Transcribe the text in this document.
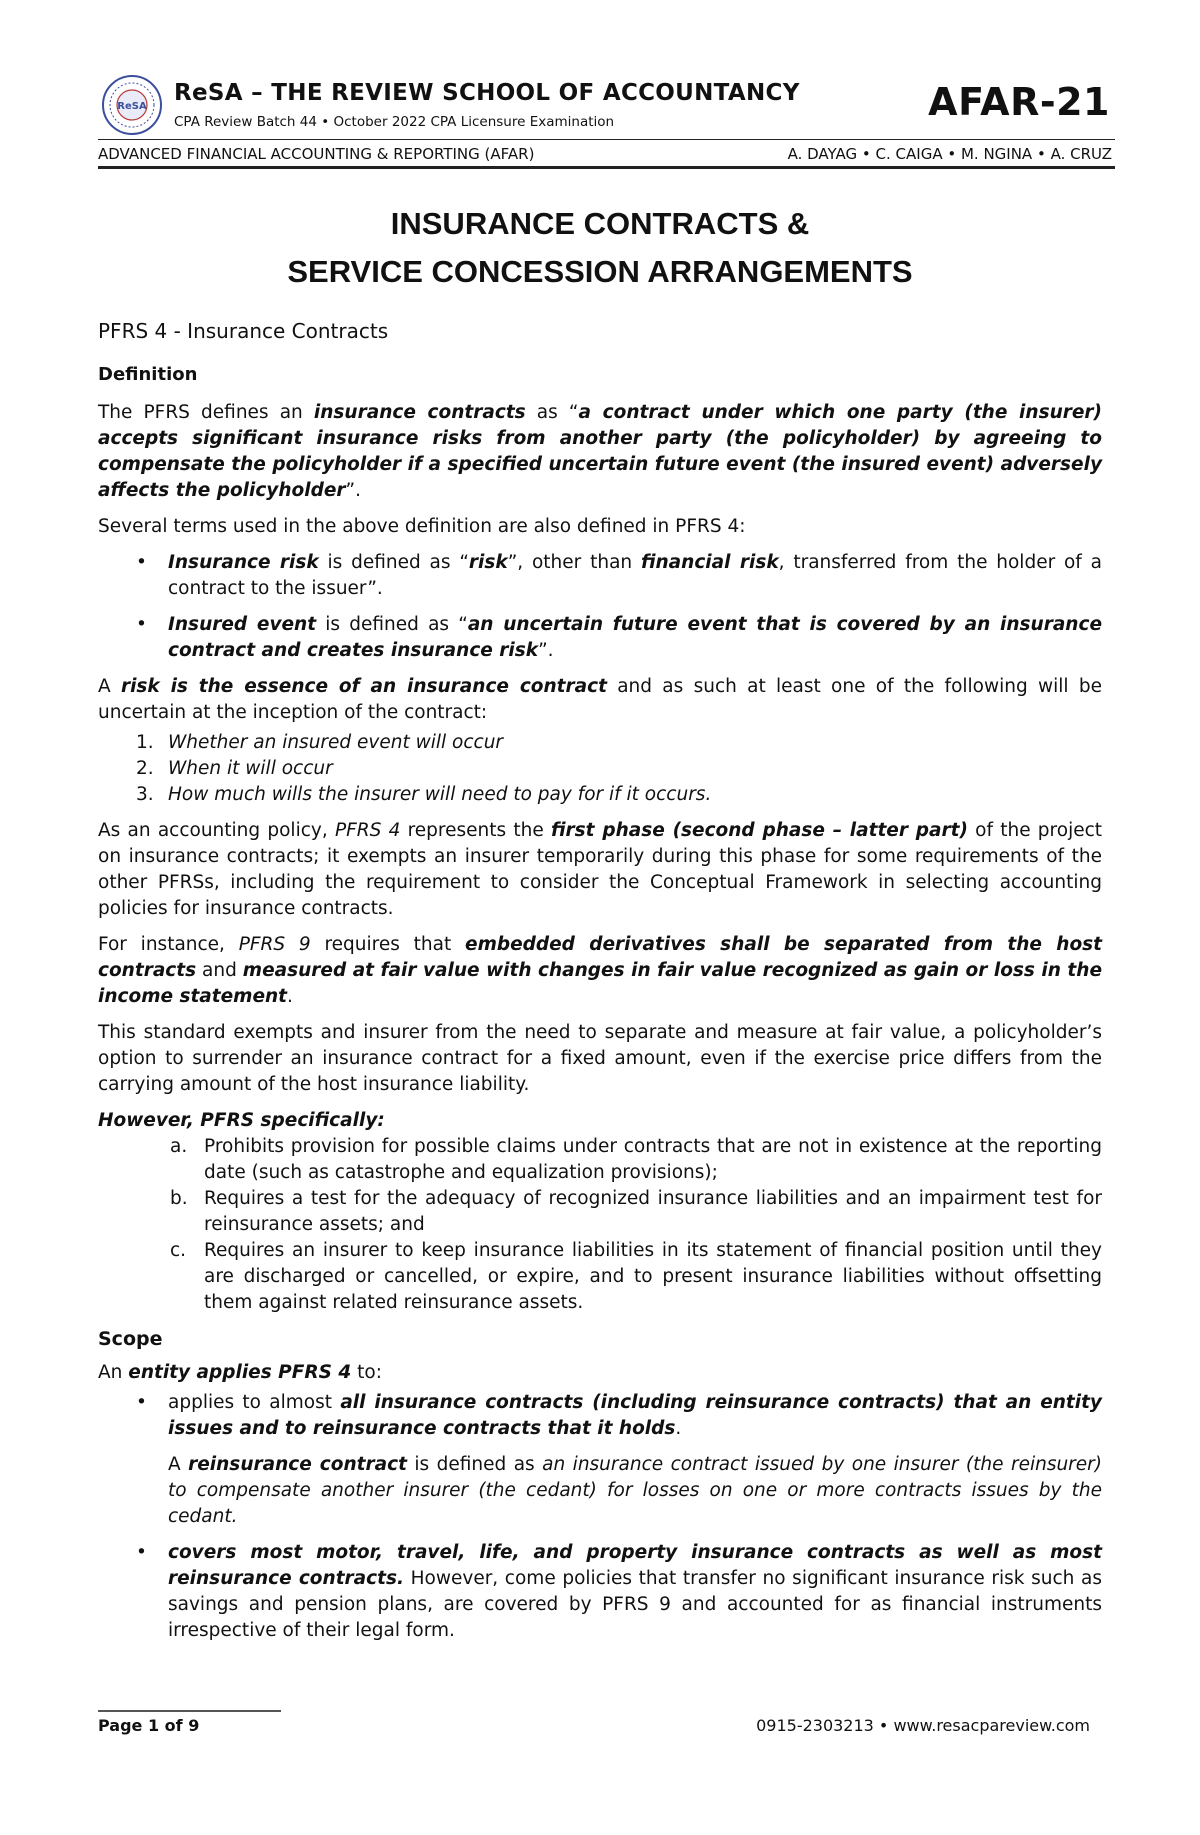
ReSA
ReSA – THE REVIEW SCHOOL OF ACCOUNTANCY
CPA Review Batch 44 • October 2022 CPA Licensure Examination	AFAR-21
ADVANCED FINANCIAL ACCOUNTING & REPORTING (AFAR)	A. DAYAG • C. CAIGA • M. NGINA • A. CRUZ
INSURANCE CONTRACTS &
SERVICE CONCESSION ARRANGEMENTS
PFRS 4 - Insurance Contracts
Definition

The PFRS defines an insurance contracts as “a contract under which one party (the insurer) accepts significant insurance risks from another party (the policyholder) by agreeing to compensate the policyholder if a specified uncertain future event (the insured event) adversely affects the policyholder”.

Several terms used in the above definition are also defined in PFRS 4:

• Insurance risk is defined as “risk”, other than financial risk, transferred from the holder of a contract to the issuer”.
• Insured event is defined as “an uncertain future event that is covered by an insurance contract and creates insurance risk”.

A risk is the essence of an insurance contract and as such at least one of the following will be uncertain at the inception of the contract:

1. Whether an insured event will occur
2. When it will occur
3. How much wills the insurer will need to pay for if it occurs.

As an accounting policy, PFRS 4 represents the first phase (second phase – latter part) of the project on insurance contracts; it exempts an insurer temporarily during this phase for some requirements of the other PFRSs, including the requirement to consider the Conceptual Framework in selecting accounting policies for insurance contracts.

For instance, PFRS 9 requires that embedded derivatives shall be separated from the host contracts and measured at fair value with changes in fair value recognized as gain or loss in the income statement.

This standard exempts and insurer from the need to separate and measure at fair value, a policyholder’s option to surrender an insurance contract for a fixed amount, even if the exercise price differs from the carrying amount of the host insurance liability.

However, PFRS specifically:

a. Prohibits provision for possible claims under contracts that are not in existence at the reporting date (such as catastrophe and equalization provisions);
b. Requires a test for the adequacy of recognized insurance liabilities and an impairment test for reinsurance assets; and
c. Requires an insurer to keep insurance liabilities in its statement of financial position until they are discharged or cancelled, or expire, and to present insurance liabilities without offsetting them against related reinsurance assets.
Scope

An entity applies PFRS 4 to:

• applies to almost all insurance contracts (including reinsurance contracts) that an entity issues and to reinsurance contracts that it holds.

A reinsurance contract is defined as an insurance contract issued by one insurer (the reinsurer) to compensate another insurer (the cedant) for losses on one or more contracts issues by the cedant.

• covers most motor, travel, life, and property insurance contracts as well as most reinsurance contracts. However, come policies that transfer no significant insurance risk such as savings and pension plans, are covered by PFRS 9 and accounted for as financial instruments irrespective of their legal form.
Page 1 of 9	0915-2303213 • www.resacpareview.com
